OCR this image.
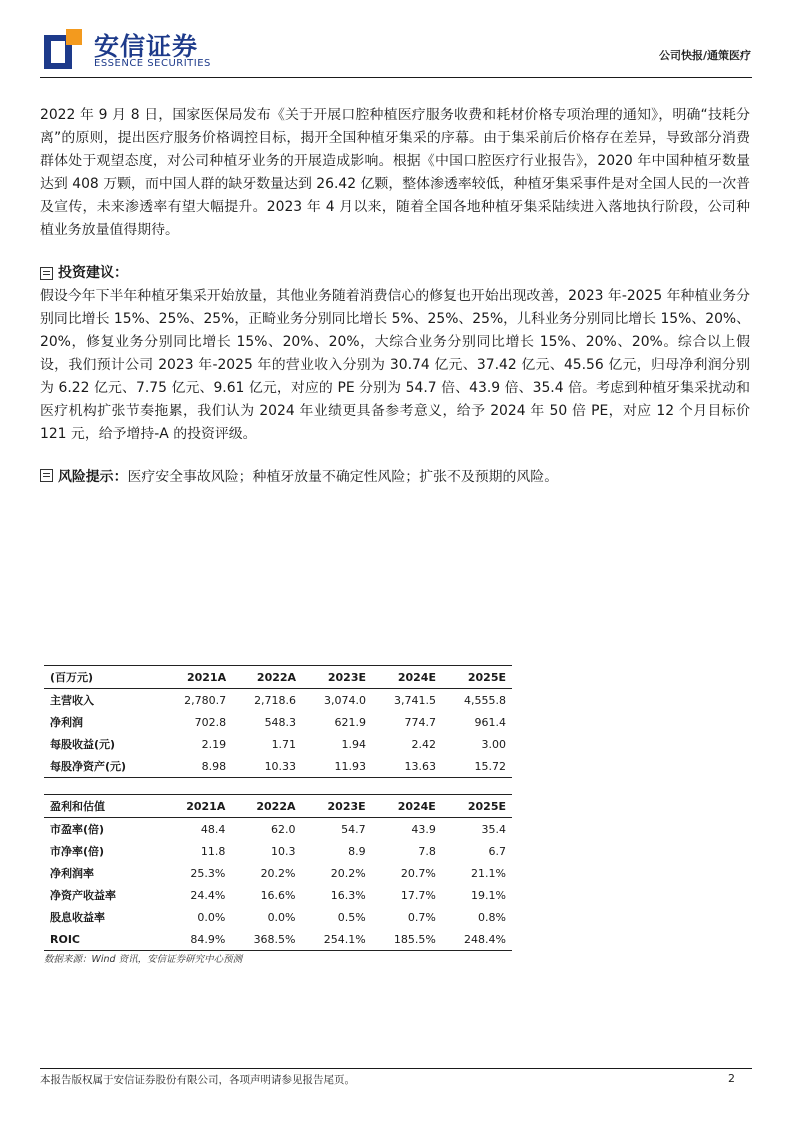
安信证券
ESSENCE SECURITIES
公司快报/通策医疗

2022 年 9 月 8 日，国家医保局发布《关于开展口腔种植医疗服务收费和耗材价格专项治理的通知》，明确“技耗分离”的原则，提出医疗服务价格调控目标，揭开全国种植牙集采的序幕。由于集采前后价格存在差异，导致部分消费群体处于观望态度，对公司种植牙业务的开展造成影响。根据《中国口腔医疗行业报告》，2020 年中国种植牙数量达到 408 万颗，而中国人群的缺牙数量达到 26.42 亿颗，整体渗透率较低，种植牙集采事件是对全国人民的一次普及宣传，未来渗透率有望大幅提升。2023 年 4 月以来，随着全国各地种植牙集采陆续进入落地执行阶段，公司种植业务放量值得期待。

投资建议：

假设今年下半年种植牙集采开始放量，其他业务随着消费信心的修复也开始出现改善，2023 年-2025 年种植业务分别同比增长 15%、25%、25%，正畸业务分别同比增长 5%、25%、25%，儿科业务分别同比增长 15%、20%、20%，修复业务分别同比增长 15%、20%、20%，大综合业务分别同比增长 15%、20%、20%。综合以上假设，我们预计公司 2023 年-2025 年的营业收入分别为 30.74 亿元、37.42 亿元、45.56 亿元，归母净利润分别为 6.22 亿元、7.75 亿元、9.61 亿元，对应的 PE 分别为 54.7 倍、43.9 倍、35.4 倍。考虑到种植牙集采扰动和医疗机构扩张节奏拖累，我们认为 2024 年业绩更具备参考意义，给予 2024 年 50 倍 PE，对应 12 个月目标价 121 元，给予增持-A 的投资评级。

风险提示：医疗安全事故风险；种植牙放量不确定性风险；扩张不及预期的风险。

(百万元)	2021A	2022A	2023E	2024E	2025E
主营收入	2,780.7	2,718.6	3,074.0	3,741.5	4,555.8
净利润	702.8	548.3	621.9	774.7	961.4
每股收益(元)	2.19	1.71	1.94	2.42	3.00
每股净资产(元)	8.98	10.33	11.93	13.63	15.72
盈利和估值	2021A	2022A	2023E	2024E	2025E
市盈率(倍)	48.4	62.0	54.7	43.9	35.4
市净率(倍)	11.8	10.3	8.9	7.8	6.7
净利润率	25.3%	20.2%	20.2%	20.7%	21.1%
净资产收益率	24.4%	16.6%	16.3%	17.7%	19.1%
股息收益率	0.0%	0.0%	0.5%	0.7%	0.8%
ROIC	84.9%	368.5%	254.1%	185.5%	248.4%
数据来源：Wind 资讯，安信证券研究中心预测
本报告版权属于安信证券股份有限公司，各项声明请参见报告尾页。	2
